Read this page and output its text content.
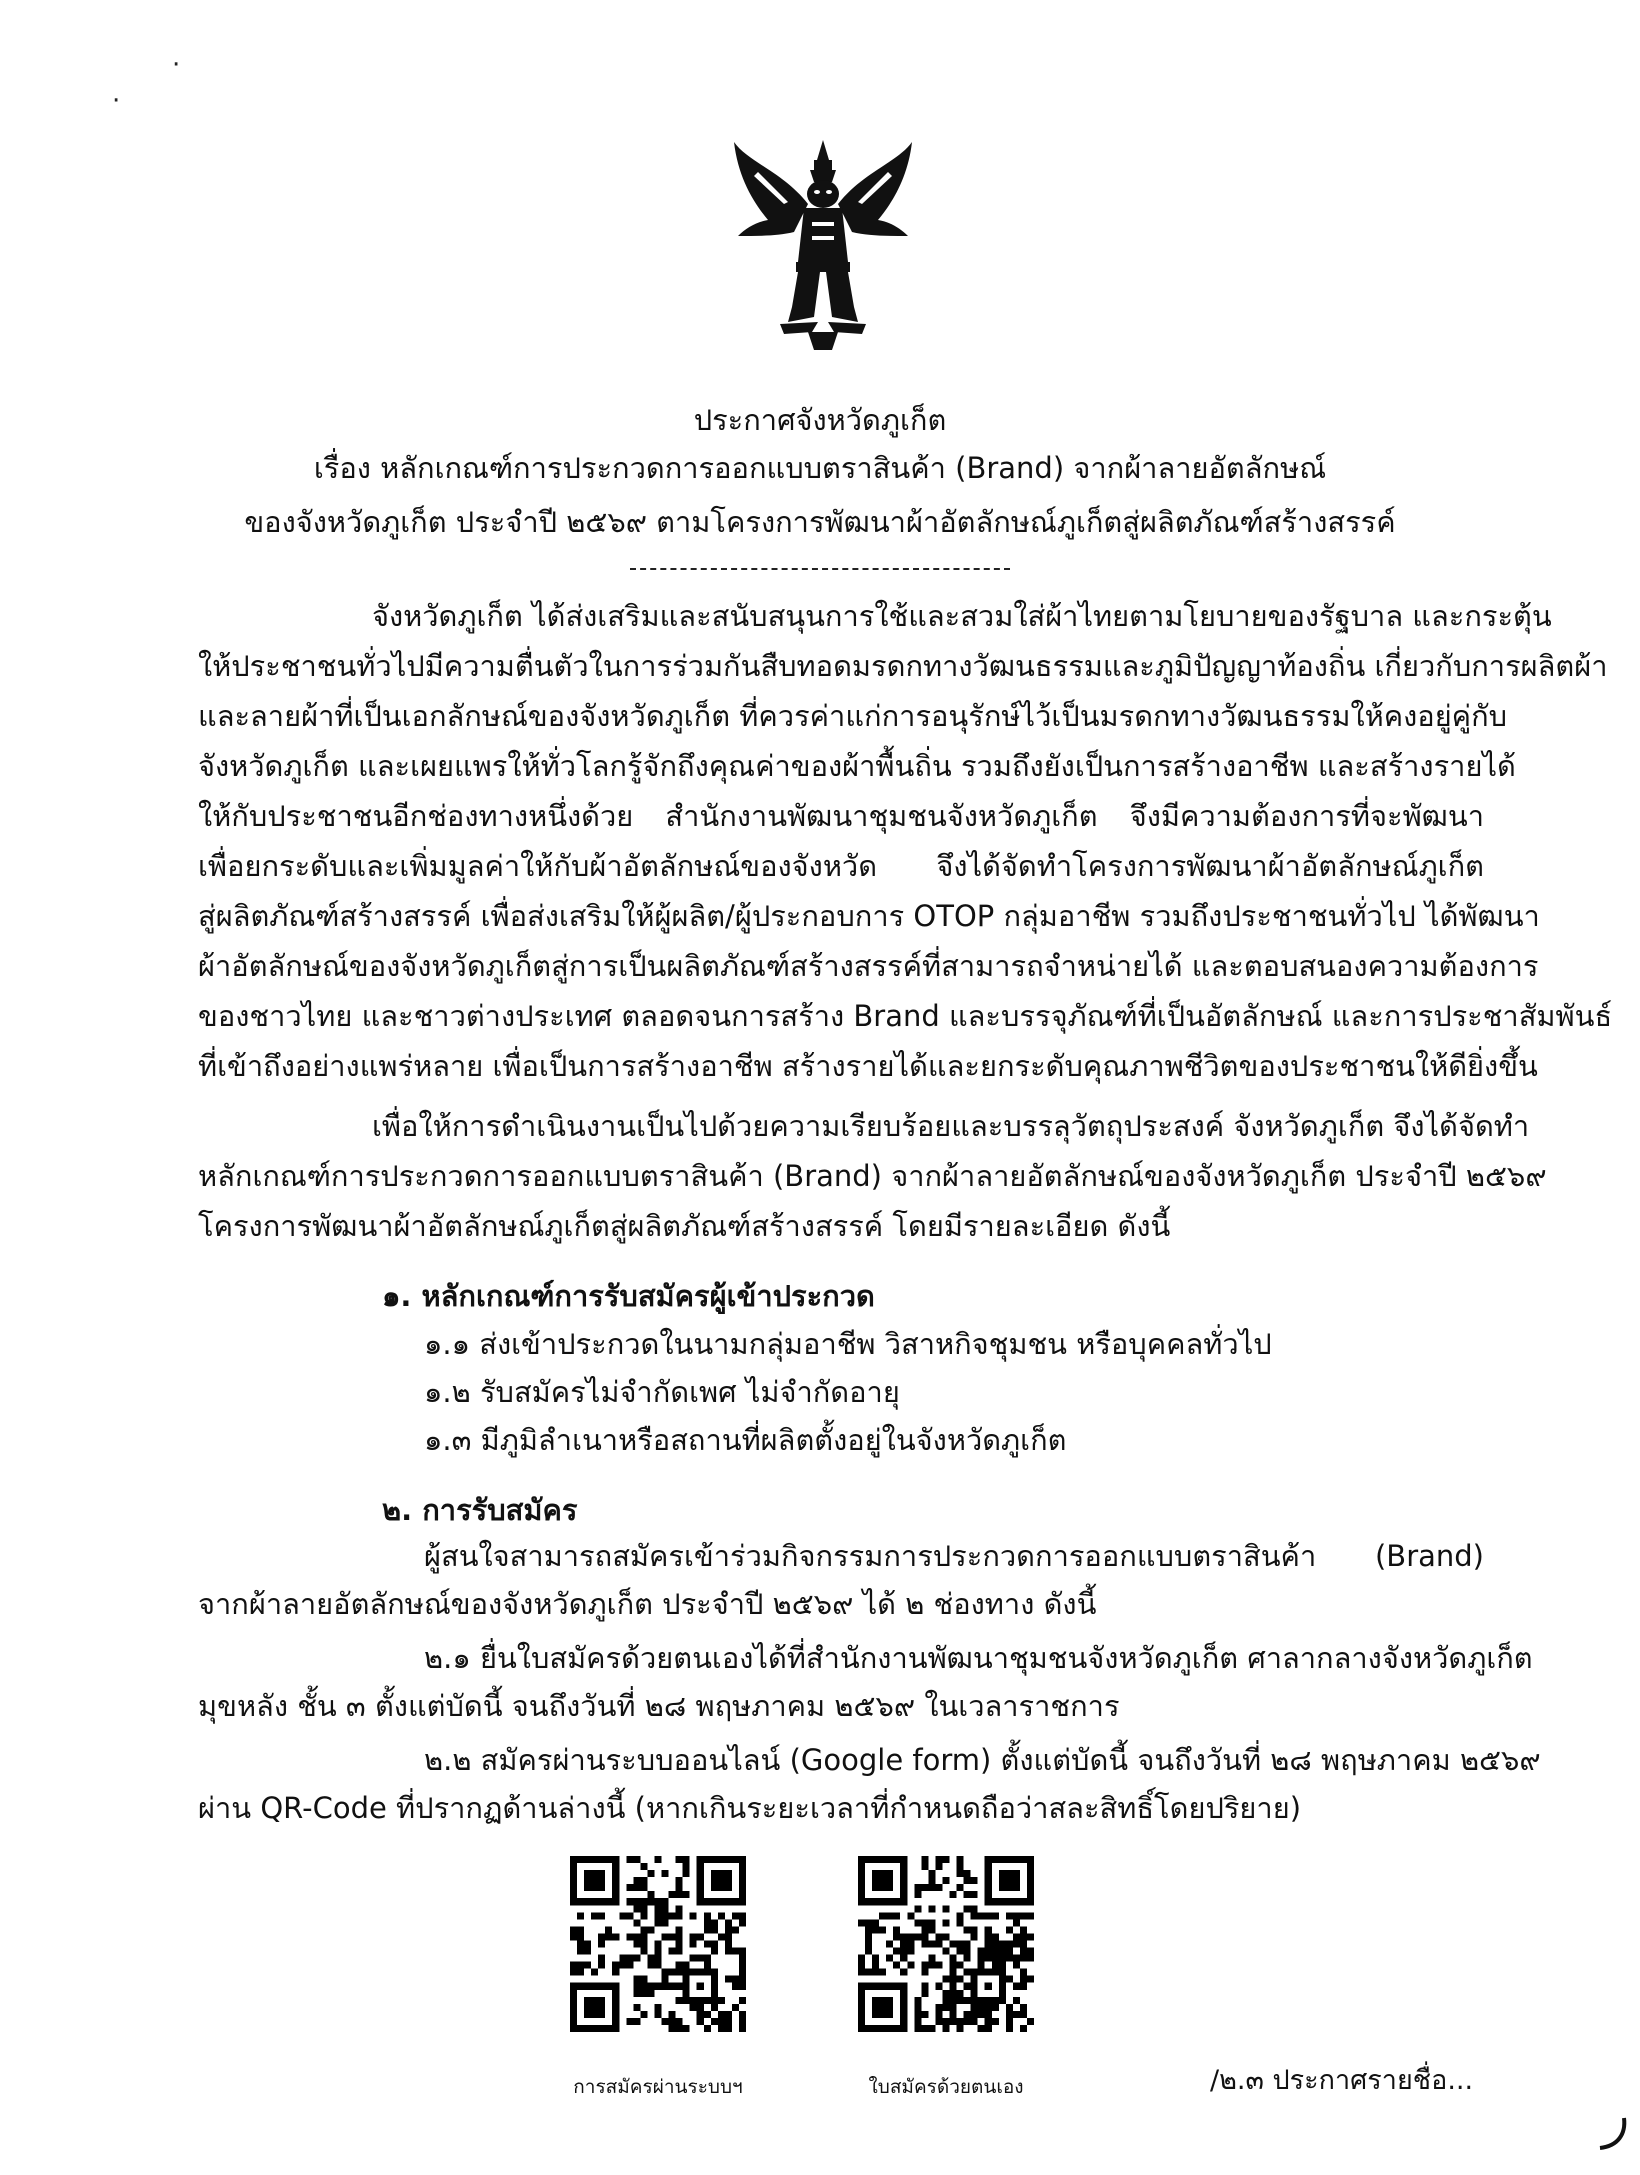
·
·
ประกาศจังหวัดภูเก็ต
เรื่อง หลักเกณฑ์การประกวดการออกแบบตราสินค้า (Brand) จากผ้าลายอัตลักษณ์
ของจังหวัดภูเก็ต ประจำปี ๒๕๖๙ ตามโครงการพัฒนาผ้าอัตลักษณ์ภูเก็ตสู่ผลิตภัณฑ์สร้างสรรค์
จังหวัดภูเก็ต ได้ส่งเสริมและสนับสนุนการใช้และสวมใส่ผ้าไทยตามโยบายของรัฐบาล และกระตุ้น
ให้ประชาชนทั่วไปมีความตื่นตัวในการร่วมกันสืบทอดมรดกทางวัฒนธรรมและภูมิปัญญาท้องถิ่น เกี่ยวกับการผลิตผ้า
และลายผ้าที่เป็นเอกลักษณ์ของจังหวัดภูเก็ต ที่ควรค่าแก่การอนุรักษ์ไว้เป็นมรดกทางวัฒนธรรมให้คงอยู่คู่กับ
จังหวัดภูเก็ต และเผยแพรให้ทั่วโลกรู้จักถึงคุณค่าของผ้าพื้นถิ่น รวมถึงยังเป็นการสร้างอาชีพ และสร้างรายได้
ให้กับประชาชนอีกช่องทางหนึ่งด้วย สำนักงานพัฒนาชุมชนจังหวัดภูเก็ต จึงมีความต้องการที่จะพัฒนา
เพื่อยกระดับและเพิ่มมูลค่าให้กับผ้าอัตลักษณ์ของจังหวัด จึงได้จัดทำโครงการพัฒนาผ้าอัตลักษณ์ภูเก็ต
สู่ผลิตภัณฑ์สร้างสรรค์ เพื่อส่งเสริมให้ผู้ผลิต/ผู้ประกอบการ OTOP กลุ่มอาชีพ รวมถึงประชาชนทั่วไป ได้พัฒนา
ผ้าอัตลักษณ์ของจังหวัดภูเก็ตสู่การเป็นผลิตภัณฑ์สร้างสรรค์ที่สามารถจำหน่ายได้ และตอบสนองความต้องการ
ของชาวไทย และชาวต่างประเทศ ตลอดจนการสร้าง Brand และบรรจุภัณฑ์ที่เป็นอัตลักษณ์ และการประชาสัมพันธ์
ที่เข้าถึงอย่างแพร่หลาย เพื่อเป็นการสร้างอาชีพ สร้างรายได้และยกระดับคุณภาพชีวิตของประชาชนให้ดียิ่งขึ้น
เพื่อให้การดำเนินงานเป็นไปด้วยความเรียบร้อยและบรรลุวัตถุประสงค์ จังหวัดภูเก็ต จึงได้จัดทำ
หลักเกณฑ์การประกวดการออกแบบตราสินค้า (Brand) จากผ้าลายอัตลักษณ์ของจังหวัดภูเก็ต ประจำปี ๒๕๖๙
โครงการพัฒนาผ้าอัตลักษณ์ภูเก็ตสู่ผลิตภัณฑ์สร้างสรรค์ โดยมีรายละเอียด ดังนี้
๑. หลักเกณฑ์การรับสมัครผู้เข้าประกวด
๑.๑ ส่งเข้าประกวดในนามกลุ่มอาชีพ วิสาหกิจชุมชน หรือบุคคลทั่วไป
๑.๒ รับสมัครไม่จำกัดเพศ ไม่จำกัดอายุ
๑.๓ มีภูมิลำเนาหรือสถานที่ผลิตตั้งอยู่ในจังหวัดภูเก็ต
๒. การรับสมัคร
ผู้สนใจสามารถสมัครเข้าร่วมกิจกรรมการประกวดการออกแบบตราสินค้า (Brand)
จากผ้าลายอัตลักษณ์ของจังหวัดภูเก็ต ประจำปี ๒๕๖๙ ได้ ๒ ช่องทาง ดังนี้
๒.๑ ยื่นใบสมัครด้วยตนเองได้ที่สำนักงานพัฒนาชุมชนจังหวัดภูเก็ต ศาลากลางจังหวัดภูเก็ต
มุขหลัง ชั้น ๓ ตั้งแต่บัดนี้ จนถึงวันที่ ๒๘ พฤษภาคม ๒๕๖๙ ในเวลาราชการ
๒.๒ สมัครผ่านระบบออนไลน์ (Google form) ตั้งแต่บัดนี้ จนถึงวันที่ ๒๘ พฤษภาคม ๒๕๖๙
ผ่าน QR-Code ที่ปรากฏด้านล่างนี้ (หากเกินระยะเวลาที่กำหนดถือว่าสละสิทธิ์โดยปริยาย)
การสมัครผ่านระบบฯ	ใบสมัครด้วยตนเอง	/๒.๓ ประกาศรายชื่อ...
